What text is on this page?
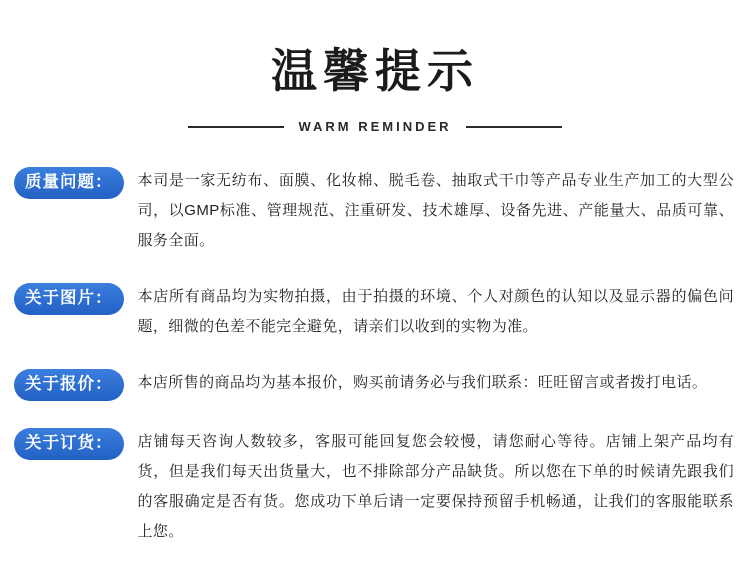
温馨提示
WARM REMINDER
质量问题：	本司是一家无纺布、面膜、化妆棉、脱毛卷、抽取式干巾等产品专业生产加工的大型公司，以GMP标准、管理规范、注重研发、技术雄厚、设备先进、产能量大、品质可靠、服务全面。
关于图片：	本店所有商品均为实物拍摄，由于拍摄的环境、个人对颜色的认知以及显示器的偏色问题，细微的色差不能完全避免，请亲们以收到的实物为准。
关于报价：	本店所售的商品均为基本报价，购买前请务必与我们联系：旺旺留言或者拨打电话。
关于订货：	店铺每天咨询人数较多，客服可能回复您会较慢，请您耐心等待。店铺上架产品均有货，但是我们每天出货量大，也不排除部分产品缺货。所以您在下单的时候请先跟我们的客服确定是否有货。您成功下单后请一定要保持预留手机畅通，让我们的客服能联系上您。
